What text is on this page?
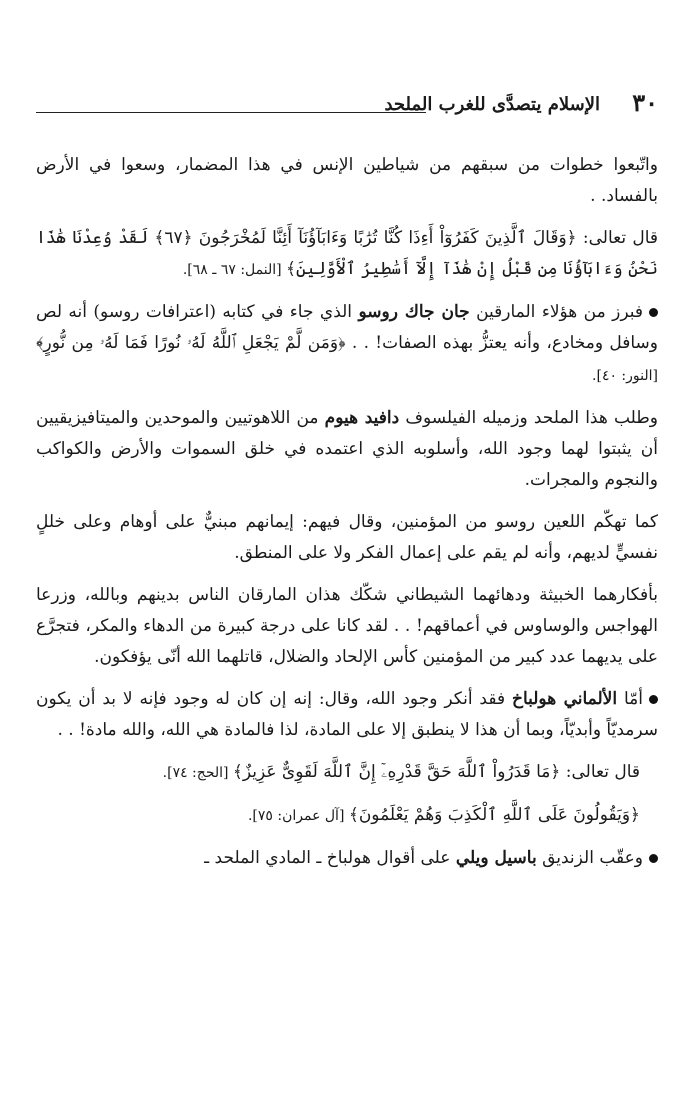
٣٠
الإسلام يتصدَّى للغرب الملحد

واتّبعوا خطوات من سبقهم من شياطين الإنس في هذا المضمار، وسعوا في الأرض بالفساد. .

قال تعالى: ﴿وَقَالَ ٱلَّذِينَ كَفَرُوٓاْ أَءِذَا كُنَّا تُرَٰبًا وَءَابَآؤُنَآ أَئِنَّا لَمُخْرَجُونَ ﴿٦٧﴾ لَقَدْ وُعِدْنَا هَٰذَا نَحْنُ وَءَابَآؤُنَا مِن قَبْلُ إِنْ هَٰذَآ إِلَّآ أَسَٰطِيرُ ٱلْأَوَّلِينَ﴾ [النمل: ٦٧ ـ ٦٨].

فبرز من هؤلاء المارقين جان جاك روسو الذي جاء في كتابه (اعترافات روسو) أنه لص وسافل ومخادع، وأنه يعتزُّ بهذه الصفات! . . ﴿وَمَن لَّمْ يَجْعَلِ ٱللَّهُ لَهُۥ نُورًا فَمَا لَهُۥ مِن نُّورٍ﴾ [النور: ٤٠].

وطلب هذا الملحد وزميله الفيلسوف دافيد هيوم من اللاهوتيين والموحدين والميتافيزيقيين أن يثبتوا لهما وجود الله، وأسلوبه الذي اعتمده في خلق السموات والأرض والكواكب والنجوم والمجرات.

كما تهكّم اللعين روسو من المؤمنين، وقال فيهم: إيمانهم مبنيٌّ على أوهام وعلى خللٍ نفسيٍّ لديهم، وأنه لم يقم على إعمال الفكر ولا على المنطق.

بأفكارهما الخبيثة ودهائهما الشيطاني شكّك هذان المارقان الناس بدينهم وبالله، وزرعا الهواجس والوساوس في أعماقهم! . . لقد كانا على درجة كبيرة من الدهاء والمكر، فتجرَّع على يديهما عدد كبير من المؤمنين كأس الإلحاد والضلال، قاتلهما الله أنّى يؤفكون.

أمّا الألماني هولباخ فقد أنكر وجود الله، وقال: إنه إن كان له وجود فإنه لا بد أن يكون سرمديّاً وأبديّاً، وبما أن هذا لا ينطبق إلا على المادة، لذا فالمادة هي الله، والله مادة! . .

قال تعالى: ﴿مَا قَدَرُواْ ٱللَّهَ حَقَّ قَدْرِهِۦٓ إِنَّ ٱللَّهَ لَقَوِىٌّ عَزِيزٌ﴾ [الحج: ٧٤].

﴿وَيَقُولُونَ عَلَى ٱللَّهِ ٱلْكَذِبَ وَهُمْ يَعْلَمُونَ﴾ [آل عمران: ٧٥].

وعقّب الزنديق باسيل ويلي على أقوال هولباخ ـ المادي الملحد ـ
